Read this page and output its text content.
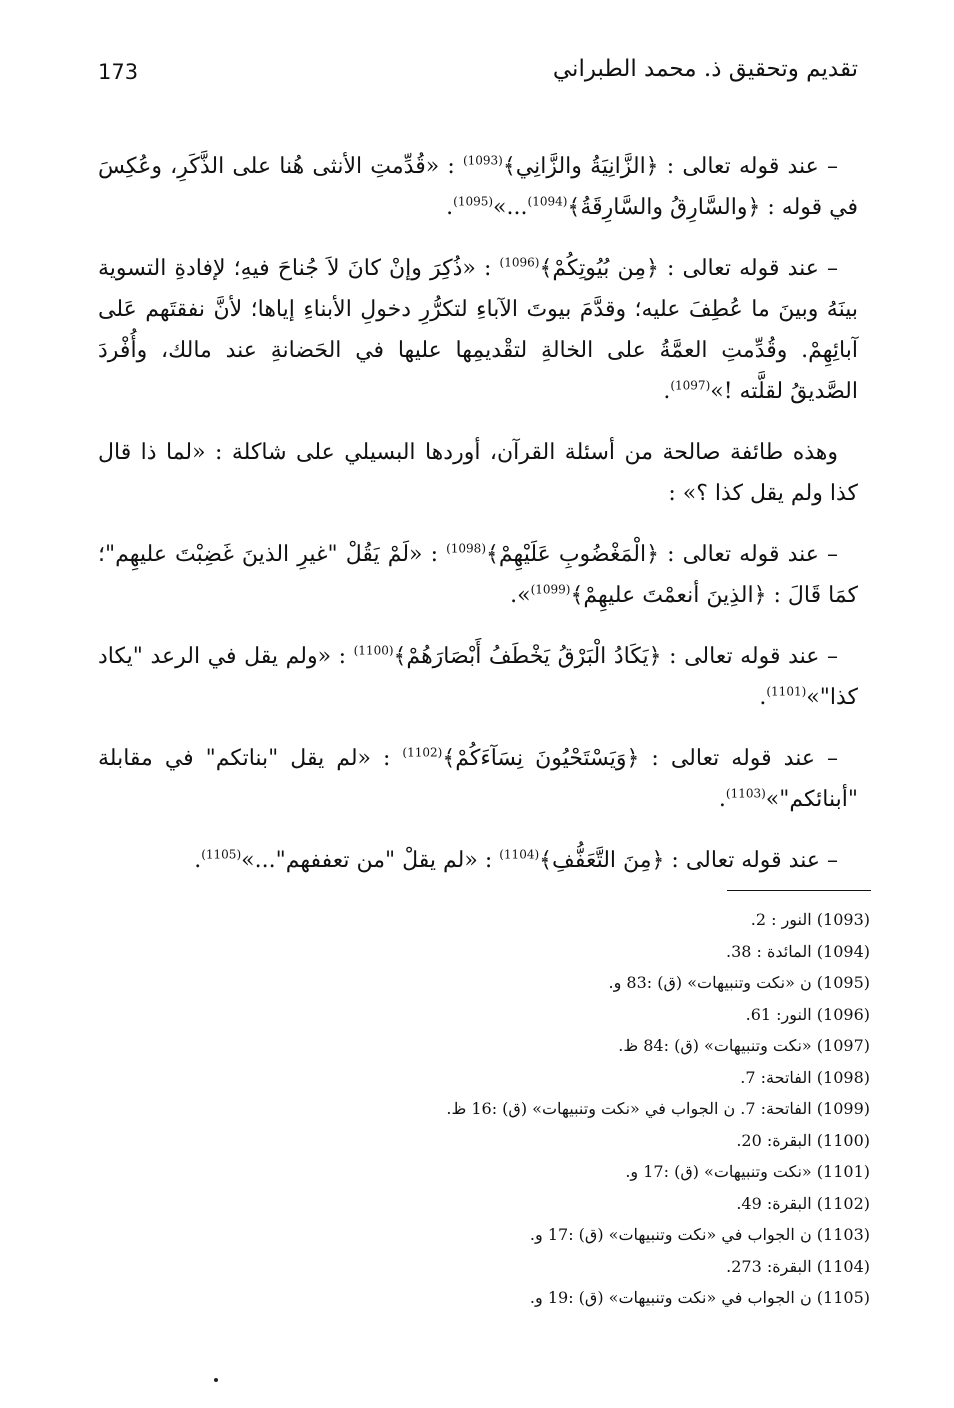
173	تقديم وتحقيق ذ. محمد الطبراني

– عند قوله تعالى : ﴿الزَّانِيَةُ والزَّانِي﴾$^{(1093)}$ : «قُدِّمتِ الأنثى هُنا على الذَّكَرِ، وعُكِسَ في قوله : ﴿والسَّارِقُ والسَّارِقَةُ﴾$^{(1094)}$...»$^{(1095)}$.

– عند قوله تعالى : ﴿مِن بُيُوتِكُمْ﴾$^{(1096)}$ : «ذُكِرَ وإنْ كانَ لاَ جُناحَ فيهِ؛ لإفادةِ التسوية بينَهُ وبينَ ما عُطِفَ عليه؛ وقدَّمَ بيوتَ الآباءِ لتكرُّرِ دخولِ الأبناءِ إياها؛ لأنَّ نفقتَهم عَلى آبائِهِمْ. وقُدِّمتِ العمَّةُ على الخالةِ لتقْديمِها عليها في الحَضانةِ عند مالك، وأُفْردَ الصَّديقُ لقلَّته !»$^{(1097)}$.

وهذه طائفة صالحة من أسئلة القرآن، أوردها البسيلي على شاكلة : «لما ذا قال كذا ولم يقل كذا ؟» :

– عند قوله تعالى : ﴿الْمَغْضُوبِ عَلَيْهِمْ﴾$^{(1098)}$ : «لَمْ يَقُلْ "غيرِ الذينَ غَضِبْتَ عليهِم"؛ كمَا قَالَ : ﴿الذِينَ أنعمْتَ عليهِمْ﴾$^{(1099)}$».

– عند قوله تعالى : ﴿يَكَادُ الْبَرْقُ يَخْطَفُ أَبْصَارَهُمْ﴾$^{(1100)}$ : «ولم يقل في الرعد "يكاد كذا"»$^{(1101)}$.

– عند قوله تعالى : ﴿وَيَسْتَحْيُونَ نِسَآءَكُمْ﴾$^{(1102)}$ : «لم يقل "بناتكم" في مقابلة "أبنائكم"»$^{(1103)}$.

– عند قوله تعالى : ﴿مِنَ التَّعَفُّفِ﴾$^{(1104)}$ : «لم يقلْ "من تعففهم"...»$^{(1105)}$.

(1093) النور : 2.
(1094) المائدة : 38.
(1095) ن «نكت وتنبيهات» (ق) :83 و.
(1096) النور: 61.
(1097) «نكت وتنبيهات» (ق) :84 ظ.
(1098) الفاتحة: 7.
(1099) الفاتحة: 7. ن الجواب في «نكت وتنبيهات» (ق) :16 ظ.
(1100) البقرة: 20.
(1101) «نكت وتنبيهات» (ق) :17 و.
(1102) البقرة: 49.
(1103) ن الجواب في «نكت وتنبيهات» (ق) :17 و.
(1104) البقرة: 273.
(1105) ن الجواب في «نكت وتنبيهات» (ق) :19 و.
